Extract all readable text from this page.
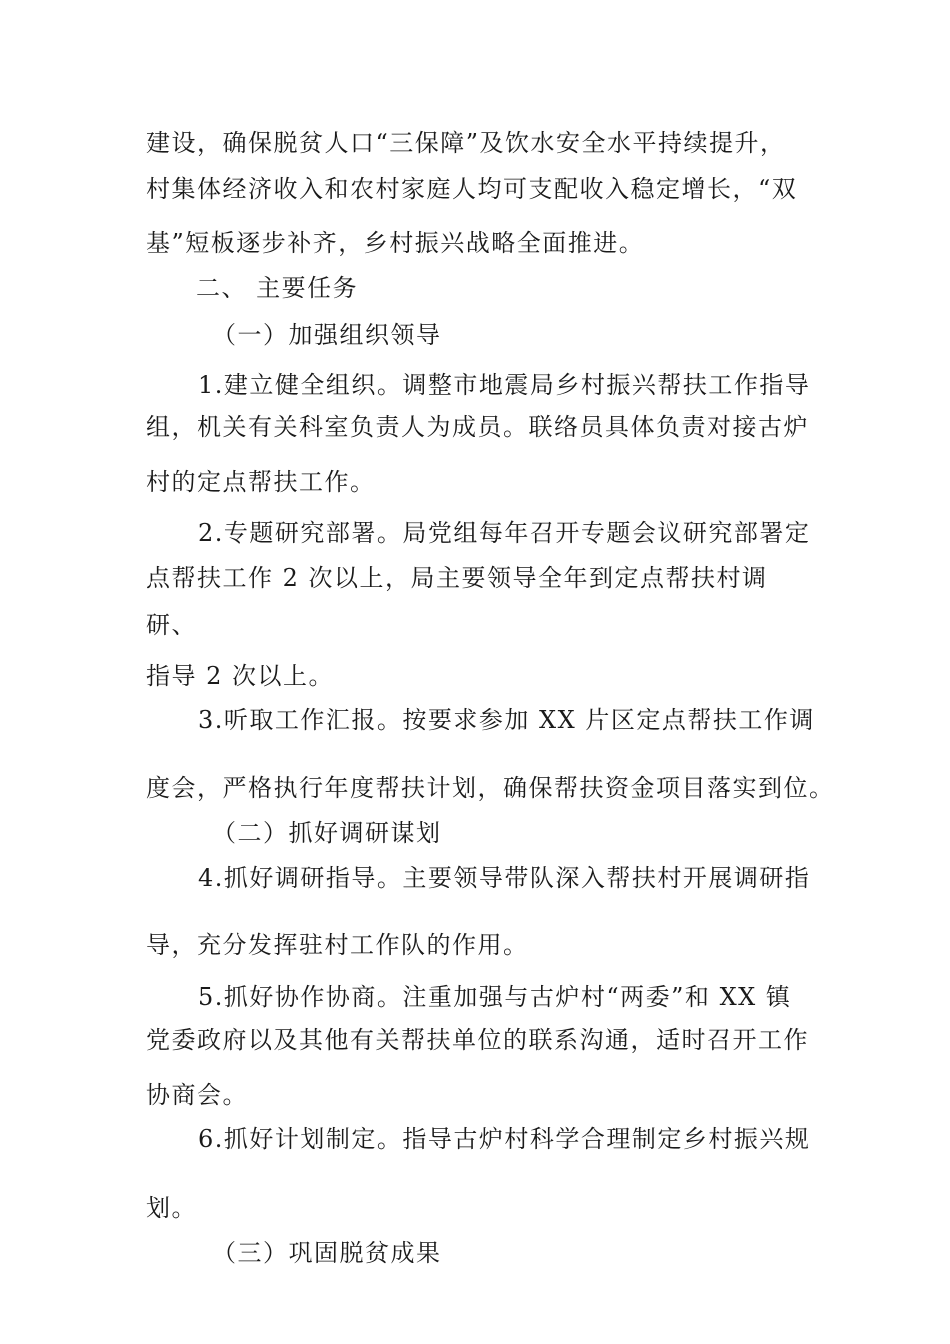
建设，确保脱贫人口“三保障”及饮水安全水平持续提升，
村集体经济收入和农村家庭人均可支配收入稳定增长，“双
基”短板逐步补齐，乡村振兴战略全面推进。
二、 主要任务
（一）加强组织领导
1.建立健全组织。调整市地震局乡村振兴帮扶工作指导
组，机关有关科室负责人为成员。联络员具体负责对接古炉
村的定点帮扶工作。
2.专题研究部署。局党组每年召开专题会议研究部署定
点帮扶工作 2 次以上，局主要领导全年到定点帮扶村调
研、
指导 2 次以上。
3.听取工作汇报。按要求参加 XX 片区定点帮扶工作调
度会，严格执行年度帮扶计划，确保帮扶资金项目落实到位。
（二）抓好调研谋划
4.抓好调研指导。主要领导带队深入帮扶村开展调研指
导，充分发挥驻村工作队的作用。
5.抓好协作协商。注重加强与古炉村“两委”和 XX 镇
党委政府以及其他有关帮扶单位的联系沟通，适时召开工作
协商会。
6.抓好计划制定。指导古炉村科学合理制定乡村振兴规
划。
（三）巩固脱贫成果
